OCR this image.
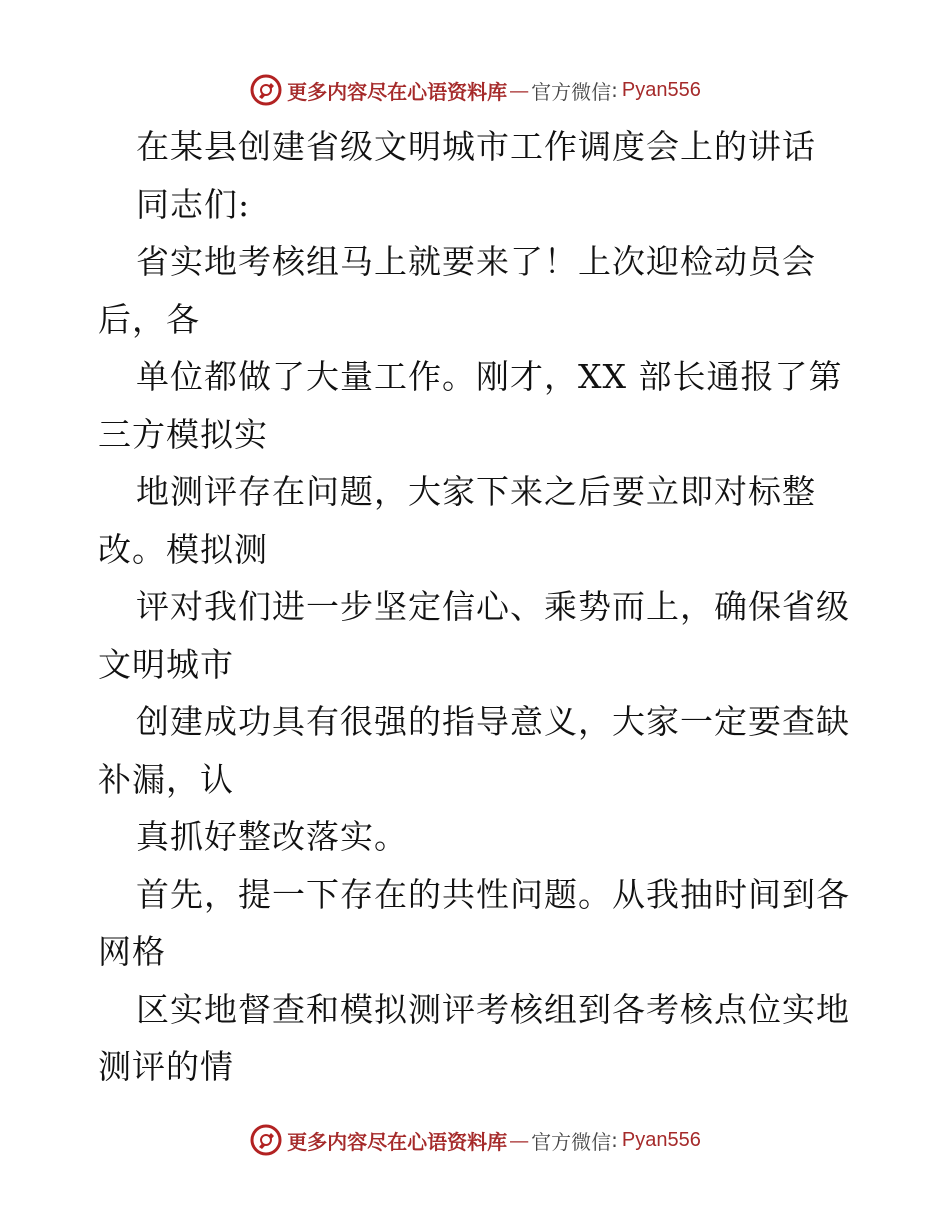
更多内容尽在心语资料库 — 官方微信 : Pyan556
在某县创建省级文明城市工作调度会上的讲话
同志们:
省实地考核组马上就要来了！上次迎检动员会
后，各
单位都做了大量工作。刚才，XX 部长通报了第
三方模拟实
地测评存在问题，大家下来之后要立即对标整
改。模拟测
评对我们进一步坚定信心、乘势而上，确保省级
文明城市
创建成功具有很强的指导意义，大家一定要查缺
补漏，认
真抓好整改落实。
首先，提一下存在的共性问题。从我抽时间到各
网格
区实地督查和模拟测评考核组到各考核点位实地
测评的情
更多内容尽在心语资料库 — 官方微信 : Pyan556
